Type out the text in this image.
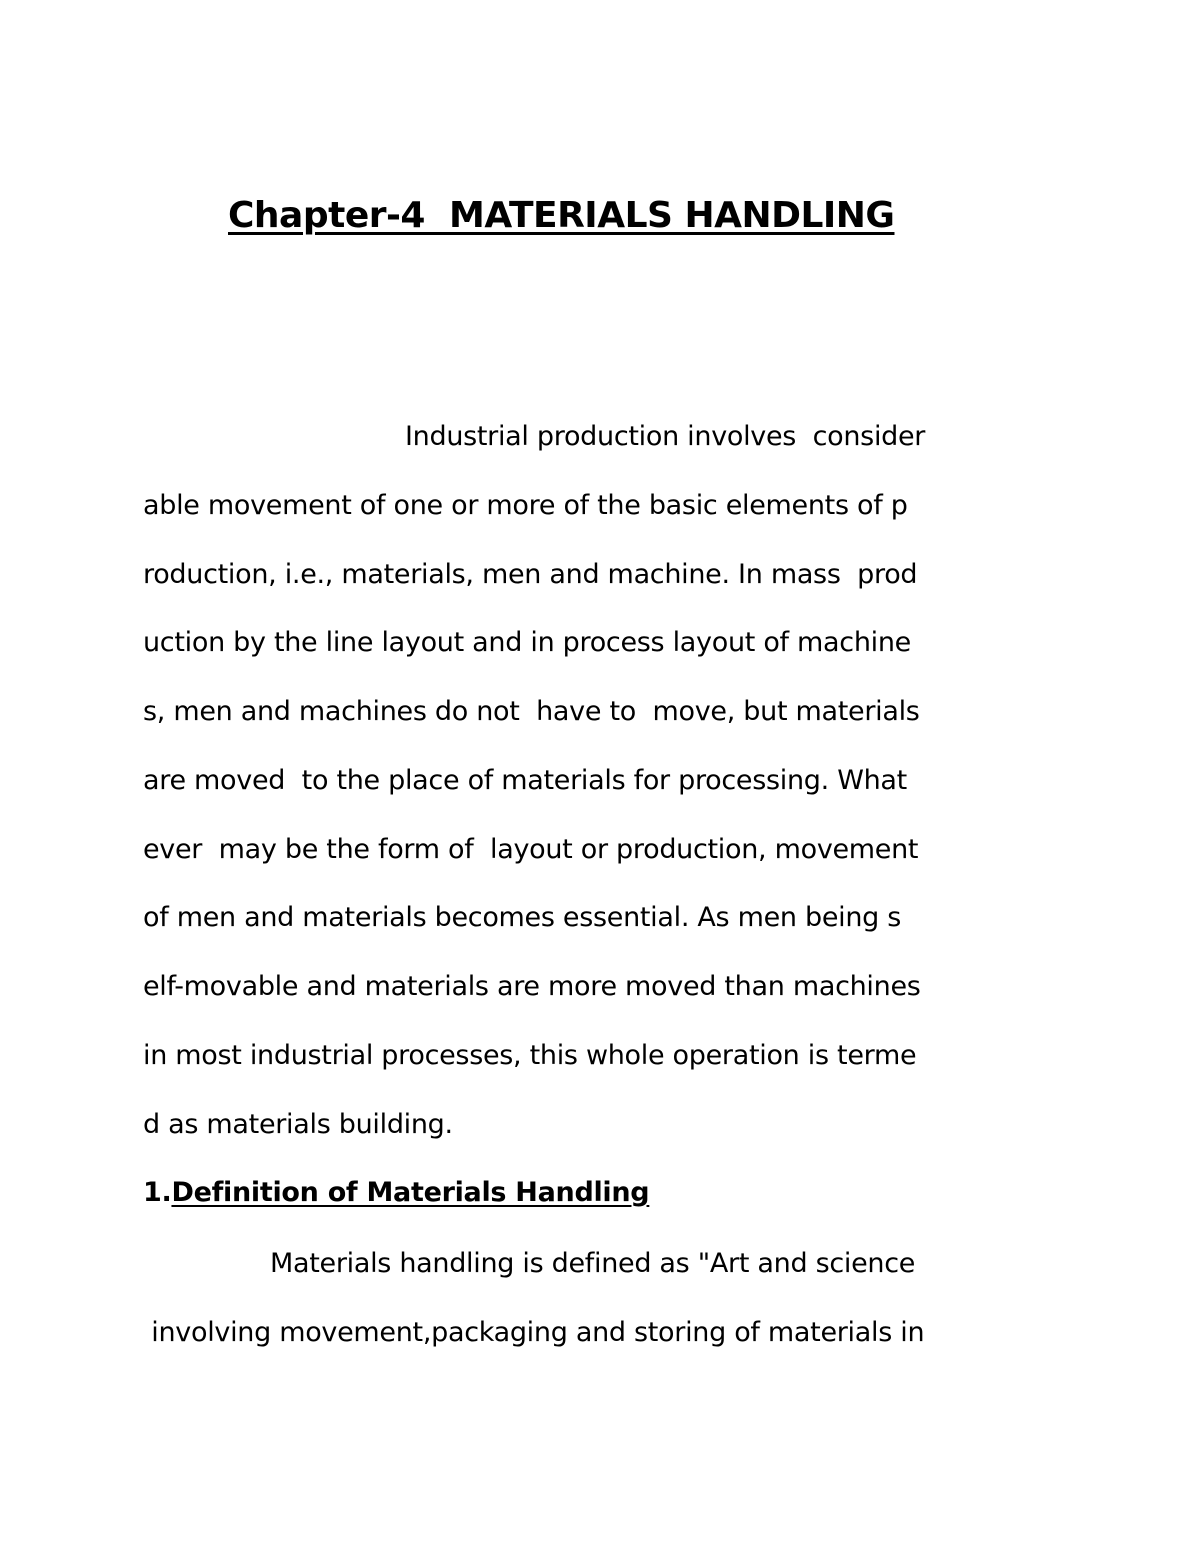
Chapter-4  MATERIALS HANDLING
Industrial production involves  consider
able movement of one or more of the basic elements of p
roduction, i.e., materials, men and machine. In mass  prod
uction by the line layout and in process layout of machine
s, men and machines do not  have to  move, but materials
are moved  to the place of materials for processing. What
ever  may be the form of  layout or production, movement
of men and materials becomes essential. As men being s
elf-movable and materials are more moved than machines
in most industrial processes, this whole operation is terme
d as materials building.
1.Definition of Materials Handling
Materials handling is defined as "Art and science
involving movement,packaging and storing of materials in
